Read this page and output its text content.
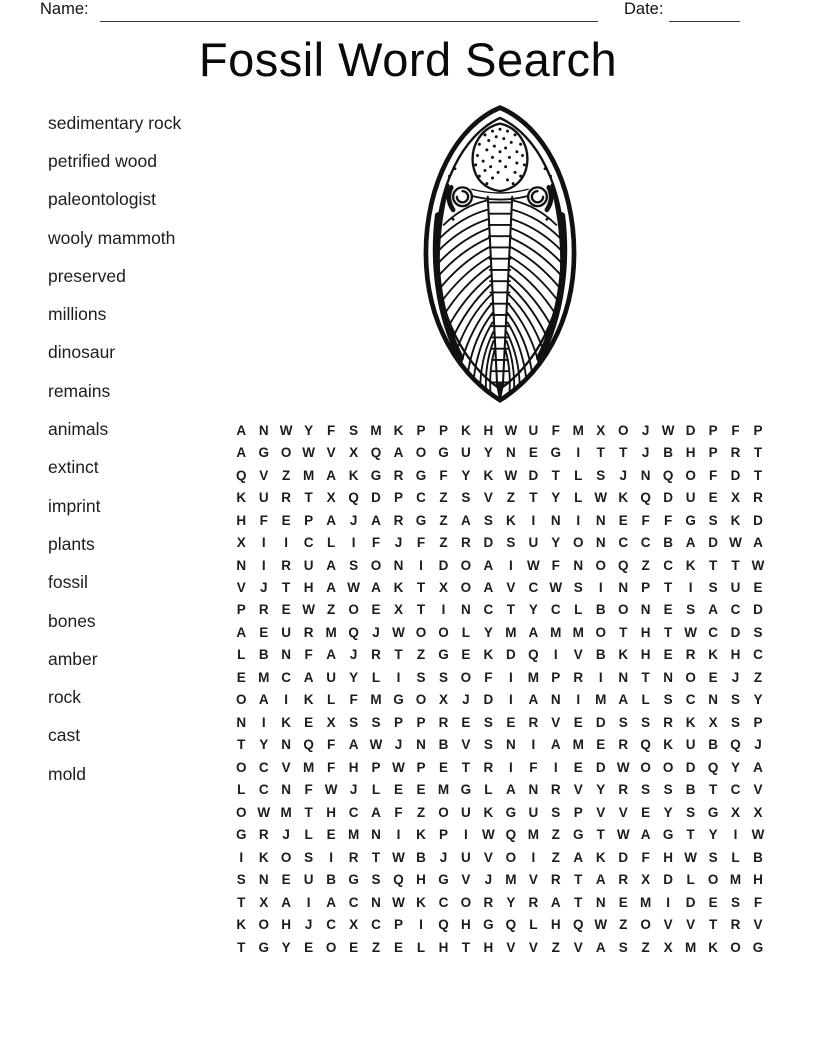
Name:	Date:
Fossil Word Search
sedimentary rock
petrified wood
paleontologist
wooly mammoth
preserved
millions
dinosaur
remains
animals
extinct
imprint
plants
fossil
bones
amber
rock
cast
mold
A N W Y	F	S M K P P K H W U F M X O J W D P	F	P
A G O W V X Q A O G U Y N E G	I	T	T	J	B H P R T
Q V	Z M A K G R G F	Y K W D T	L	S	J	N Q O F D T
K U R T	X Q D P C Z	S V	Z	T	Y	L W K Q D U E X R
H F	E P A	J	A R G Z A S K	I	N	I	N E	F	F G S K D
X	I	I	C L	I	F	J	F	Z R D S U Y O N C C B A D W A
N	I	R U A S O N	I	D O A	I	W F N O Q Z C K T	T W
V	J	T H A W A K T	X O A V C W S	I	N P	T	I	S U E
P R E W Z O E X	T	I	N C T	Y C L B O N E S A C D
A E U R M Q J W O O L	Y M A M M O T H T W C D S
L B N F A	J	R T	Z G E K D Q	I	V B K H E R K H C
E M C A U Y	L	I	S S O F	I	M P R	I	N T N O E	J	Z
O A	I	K L	F M G O X	J	D	I	A N	I	M A L	S C N S Y
N	I	K E X S S P P R E S E R V E D S S R K X S P
T	Y N Q F A W J	N B V S N	I	A M E R Q K U B Q J
O C V M F H P W P E	T R	I	F	I	E D W O O D Q Y A
L C N F W J	L	E E M G L A N R V Y R S S B T C V
O W M T H C A F	Z O U K G U S P V V E Y S G X X
G R	J	L	E M N	I	K P	I	W Q M Z G T W A G T	Y	I	W
I	K O S	I	R T W B	J	U V O	I	Z A K D F H W S	L B
S N E U B G S Q H G V	J M V R T A R X D L O M H
T	X A	I	A C N W K C O R Y R A T N E M	I	D E S	F
K O H	J	C X C P	I	Q H G Q L H Q W Z O V V	T R V
T G Y E O E	Z	E	L H T H V V	Z	V A S	Z	X M K O G
